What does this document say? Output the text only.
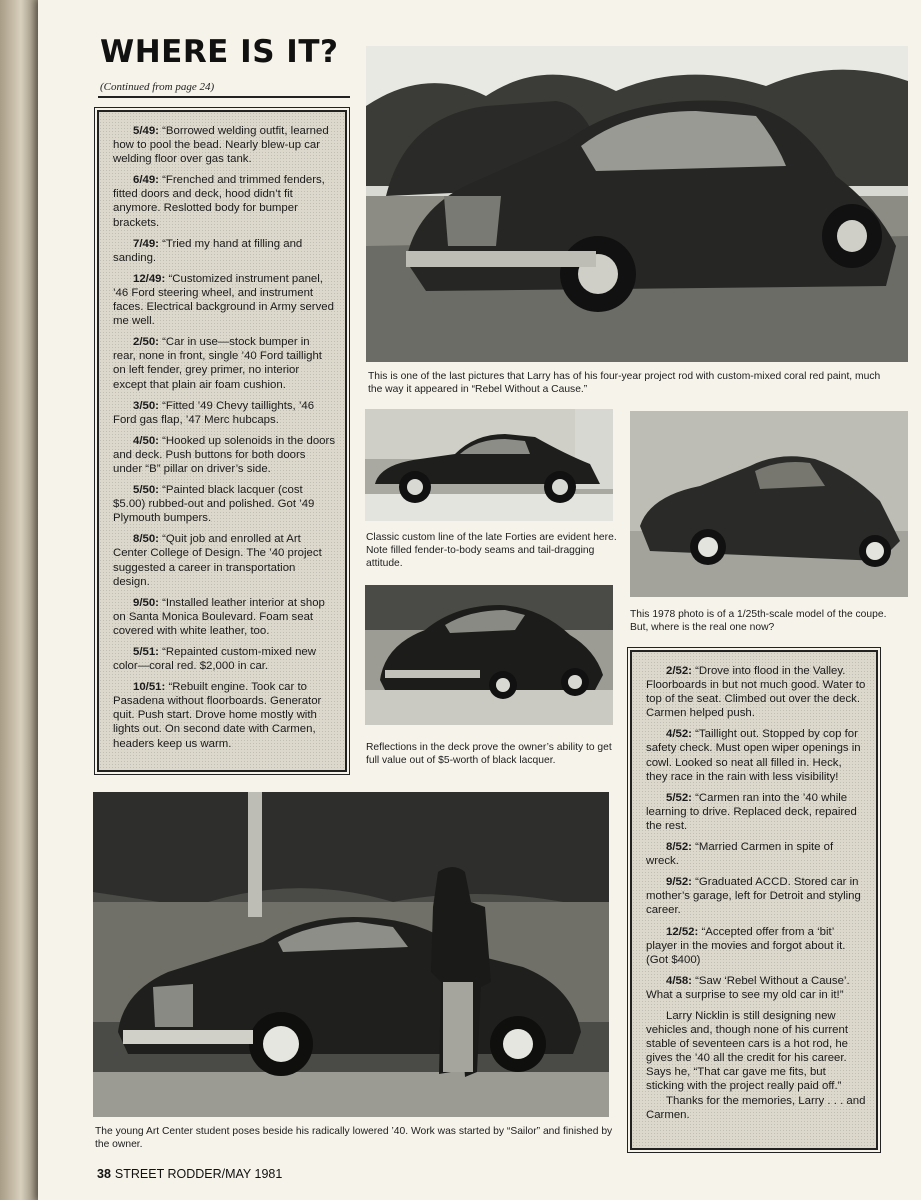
WHERE IS IT?
(Continued from page 24)

5/49: “Borrowed welding outfit, learned how to pool the bead. Nearly blew-up car welding floor over gas tank.

6/49: “Frenched and trimmed fenders, fitted doors and deck, hood didn’t fit anymore. Reslotted body for bumper brackets.

7/49: “Tried my hand at filling and sanding.

12/49: “Customized instrument panel, ’46 Ford steering wheel, and instrument faces. Electrical background in Army served me well.

2/50: “Car in use—stock bumper in rear, none in front, single ’40 Ford taillight on left fender, grey primer, no interior except that plain air foam cushion.

3/50: “Fitted ’49 Chevy taillights, ’46 Ford gas flap, ’47 Merc hubcaps.

4/50: “Hooked up solenoids in the doors and deck. Push buttons for both doors under “B” pillar on driver’s side.

5/50: “Painted black lacquer (cost $5.00) rubbed-out and polished. Got ’49 Plymouth bumpers.

8/50: “Quit job and enrolled at Art Center College of Design. The ’40 project suggested a career in transportation design.

9/50: “Installed leather interior at shop on Santa Monica Boulevard. Foam seat covered with white leather, too.

5/51: “Repainted custom-mixed new color—coral red. $2,000 in car.

10/51: “Rebuilt engine. Took car to Pasadena without floorboards. Generator quit. Push start. Drove home mostly with lights out. On second date with Carmen, headers keep us warm.

This is one of the last pictures that Larry has of his four-year project rod with custom-mixed coral red paint, much the way it appeared in “Rebel Without a Cause.”
Classic custom line of the late Forties are evident here. Note filled fender-to-body seams and tail-dragging attitude.
This 1978 photo is of a 1/25th-scale model of the coupe. But, where is the real one now?
Reflections in the deck prove the owner’s ability to get full value out of $5-worth of black lacquer.

2/52: “Drove into flood in the Valley. Floorboards in but not much good. Water to top of the seat. Climbed out over the deck. Carmen helped push.

4/52: “Taillight out. Stopped by cop for safety check. Must open wiper openings in cowl. Looked so neat all filled in. Heck, they race in the rain with less visibility!

5/52: “Carmen ran into the ’40 while learning to drive. Replaced deck, repaired the rest.

8/52: “Married Carmen in spite of wreck.

9/52: “Graduated ACCD. Stored car in mother’s garage, left for Detroit and styling career.

12/52: “Accepted offer from a ‘bit’ player in the movies and forgot about it. (Got $400)

4/58: “Saw ‘Rebel Without a Cause’. What a surprise to see my old car in it!”

Larry Nicklin is still designing new vehicles and, though none of his current stable of seventeen cars is a hot rod, he gives the ’40 all the credit for his career. Says he, “That car gave me fits, but sticking with the project really paid off.”

Thanks for the memories, Larry . . . and Carmen.

The young Art Center student poses beside his radically lowered ’40. Work was started by “Sailor” and finished by the owner.
38 STREET RODDER/MAY 1981
